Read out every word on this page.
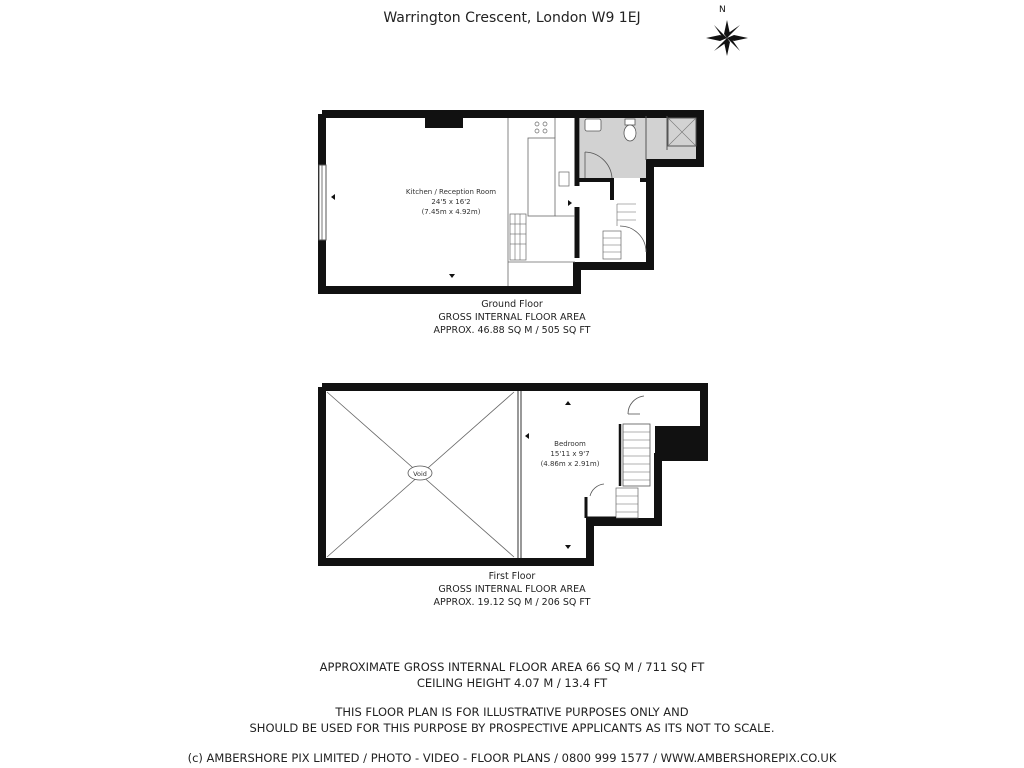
N
Void
Warrington Crescent, London W9 1EJ
Kitchen / Reception Room
24'5 x 16'2
(7.45m x 4.92m)
Ground Floor
GROSS INTERNAL FLOOR AREA
APPROX. 46.88 SQ M / 505 SQ FT
Bedroom
15'11 x 9'7
(4.86m x 2.91m)
First Floor
GROSS INTERNAL FLOOR AREA
APPROX. 19.12 SQ M / 206 SQ FT
APPROXIMATE GROSS INTERNAL FLOOR AREA 66 SQ M / 711 SQ FT
CEILING HEIGHT 4.07 M / 13.4 FT
THIS FLOOR PLAN IS FOR ILLUSTRATIVE PURPOSES ONLY AND
SHOULD BE USED FOR THIS PURPOSE BY PROSPECTIVE APPLICANTS AS ITS NOT TO SCALE.
(c) AMBERSHORE PIX LIMITED / PHOTO - VIDEO - FLOOR PLANS / 0800 999 1577 / WWW.AMBERSHOREPIX.CO.UK
